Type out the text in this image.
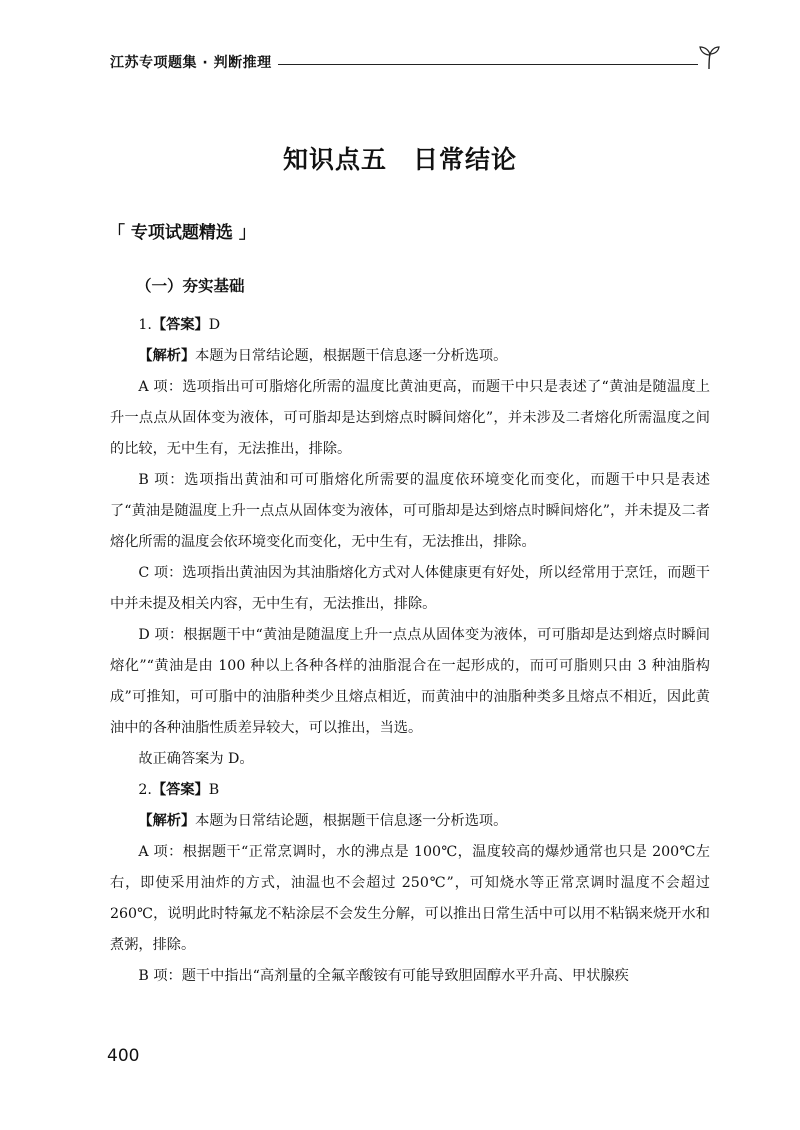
江苏专项题集 · 判断推理
知识点五　日常结论
「 专项试题精选 」
（一）夯实基础

1.【答案】D

【解析】本题为日常结论题，根据题干信息逐一分析选项。

A 项：选项指出可可脂熔化所需的温度比黄油更高，而题干中只是表述了“黄油是随温度上升一点点从固体变为液体，可可脂却是达到熔点时瞬间熔化”，并未涉及二者熔化所需温度之间的比较，无中生有，无法推出，排除。

B 项：选项指出黄油和可可脂熔化所需要的温度依环境变化而变化，而题干中只是表述了“黄油是随温度上升一点点从固体变为液体，可可脂却是达到熔点时瞬间熔化”，并未提及二者熔化所需的温度会依环境变化而变化，无中生有，无法推出，排除。

C 项：选项指出黄油因为其油脂熔化方式对人体健康更有好处，所以经常用于烹饪，而题干中并未提及相关内容，无中生有，无法推出，排除。

D 项：根据题干中“黄油是随温度上升一点点从固体变为液体，可可脂却是达到熔点时瞬间熔化”“黄油是由 100 种以上各种各样的油脂混合在一起形成的，而可可脂则只由 3 种油脂构成”可推知，可可脂中的油脂种类少且熔点相近，而黄油中的油脂种类多且熔点不相近，因此黄油中的各种油脂性质差异较大，可以推出，当选。

故正确答案为 D。

2.【答案】B

【解析】本题为日常结论题，根据题干信息逐一分析选项。

A 项：根据题干“正常烹调时，水的沸点是 100℃，温度较高的爆炒通常也只是 200℃左右，即使采用油炸的方式，油温也不会超过 250℃”，可知烧水等正常烹调时温度不会超过 260℃，说明此时特氟龙不粘涂层不会发生分解，可以推出日常生活中可以用不粘锅来烧开水和煮粥，排除。

B 项：题干中指出“高剂量的全氟辛酸铵有可能导致胆固醇水平升高、甲状腺疾

400
